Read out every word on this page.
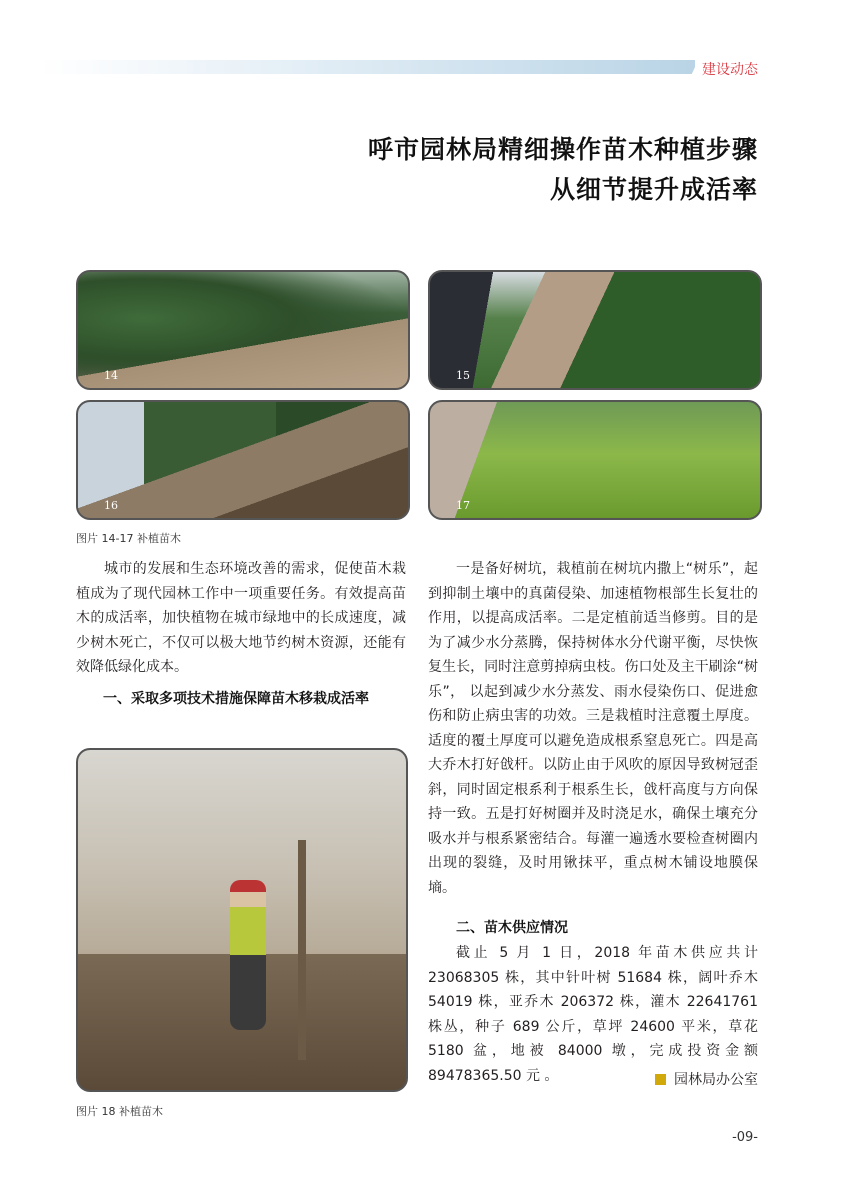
建设动态
呼市园林局精细操作苗木种植步骤
从细节提升成活率
14	15
16	17
图片 14-17 补植苗木

城市的发展和生态环境改善的需求，促使苗木栽植成为了现代园林工作中一项重要任务。有效提高苗木的成活率，加快植物在城市绿地中的长成速度，减少树木死亡，不仅可以极大地节约树木资源，还能有效降低绿化成本。

一、采取多项技术措施保障苗木移栽成活率
图片 18 补植苗木

一是备好树坑，栽植前在树坑内撒上“树乐”，起到抑制土壤中的真菌侵染、加速植物根部生长复壮的作用，以提高成活率。二是定植前适当修剪。目的是为了减少水分蒸腾，保持树体水分代谢平衡，尽快恢复生长，同时注意剪掉病虫枝。伤口处及主干刷涂“树乐”， 以起到减少水分蒸发、雨水侵染伤口、促进愈伤和防止病虫害的功效。三是栽植时注意覆土厚度。适度的覆土厚度可以避免造成根系窒息死亡。四是高大乔木打好戗杆。以防止由于风吹的原因导致树冠歪斜，同时固定根系利于根系生长，戗杆高度与方向保持一致。五是打好树圈并及时浇足水，确保土壤充分吸水并与根系紧密结合。每灌一遍透水要检查树圈内出现的裂缝，及时用锹抹平，重点树木铺设地膜保墒。

二、苗木供应情况

截止 5 月 1 日，2018 年苗木供应共计 23068305 株，其中针叶树 51684 株，阔叶乔木 54019 株，亚乔木 206372 株，灌木 22641761 株丛，种子 689 公斤，草坪 24600 平米，草花 5180 盆，地被 84000 墩，完成投资金额 89478365.50 元 。	园林局办公室
-09-
